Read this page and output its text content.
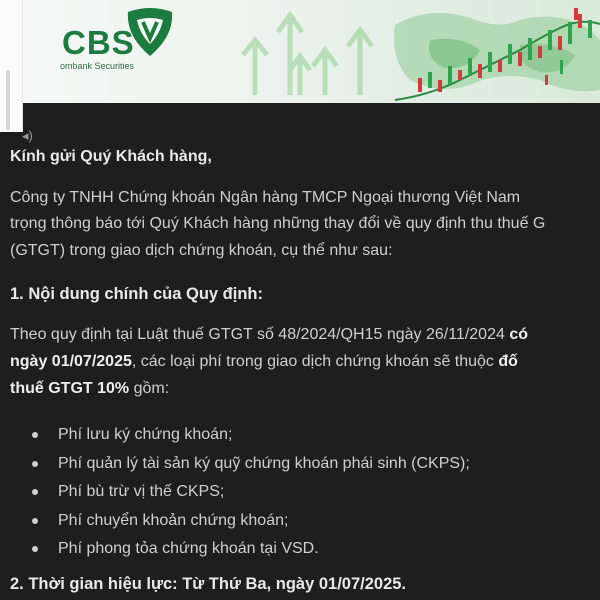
CBS
ombank Securities
◂)
Kính gửi Quý Khách hàng,
Công ty TNHH Chứng khoán Ngân hàng TMCP Ngoại thương Việt Nam
trọng thông báo tới Quý Khách hàng những thay đổi về quy định thu thuế G
(GTGT) trong giao dịch chứng khoán, cụ thể như sau:
1. Nội dung chính của Quy định:
Theo quy định tại Luật thuế GTGT số 48/2024/QH15 ngày 26/11/2024 có
ngày 01/07/2025, các loại phí trong giao dịch chứng khoán sẽ thuộc đố
thuế GTGT 10% gồm:
Phí lưu ký chứng khoán;
Phí quản lý tài sản ký quỹ chứng khoán phái sinh (CKPS);
Phí bù trừ vị thế CKPS;
Phí chuyển khoản chứng khoán;
Phí phong tỏa chứng khoán tại VSD.
2. Thời gian hiệu lực: Từ Thứ Ba, ngày 01/07/2025.
